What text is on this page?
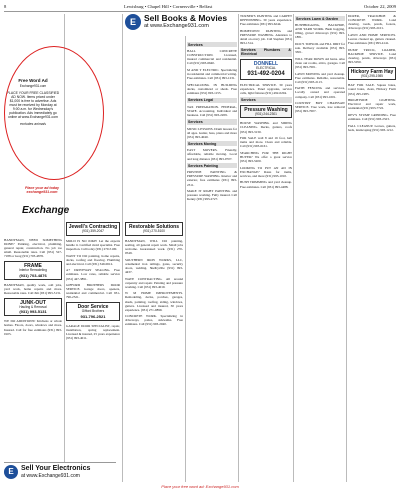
8	Lewisburg • Chapel Hill • Cornersville • Belfast	October 22, 2009

HANDYMAN, NEED SOMETHING DONE? Painting, electrical, plumbing, general repair, construction. No job too small. Reasonable rates. Call (931) 527-7188 or Greg (931) 703-4876.

FRAME
Interior Remodeling
(931) 703-4876

HANDYMAN, quality work, odd jobs, yard work, home repairs and more. Reasonable rates. Call Jim (931) 993-5131.

JUNK-OUT
Hauling & Removal
(931) 993-5131

WE DO ADDITIONS! Kitchens or whole homes. Floors, doors, windows and more. Insured. Call for free estimates (931) 993-0105.

Free Word Ad
Exchange931.com
PLACE YOUR FREE CLASSIFIED AD NOW. Items priced under $1,000 is free to advertise. Ads must be received by Monday at 9:00 a.m. for Wednesday's publication. Ads immediately go online at www.Exchange931.com
excludes animals
Place your ad today
exchange931.com
Exchange
Jewell's Contracting
(931) 359-2047

MOLD IS NO JOKE! Let the experts handle it. Certified mold specialist. Free inspection. Call today (931) 270-5100.

WANT TO DO painting, home repairs, decks, roofing and flooring. Plumbing and electrical. Call (931) 349-0612.

A+ DRIVEWAY SEALING. Free estimates. Low rates, reliable service (931) 447-3891.

GIFFORD BROTHERS DOOR SERVICE. Garage doors, openers, residential and commercial. Call 931-796-2521.

Door Service
Gifford Brothers
931-796-2521

GARAGE DOOR SPECIALIST, repair, installation, spring replacement. Licensed & insured, 25 years experience (931) 993-4011.

Restorable Solutions
(931) 270-5100

HANDYMAN, WILL DO painting, sealing, all general repair work. Small jobs welcome. Guaranteed work. (931) 270-0549.

SOUTHERN IRON WORKS, LLC, ornamental iron railings, gates, security doors, welding. Shelbyville (931) 993-4437.

WAVE CONTRACTING. All around carpentry and repair. Painting and pressure washing. Call (931) 993-4019.

W M HOME IMPROVEMENTS. Remodeling, decks, porches, garages, sheds, painting, roofing, siding, windows, gutters. Licensed and insured, 30 years experience. (931) 271-0899.

CONCRETE WORK. Specializing in driveways, patios, sidewalks. Free estimates. Call (931) 993-2040.

E Sell Books & Movies
at www.Exchange931.com
Services

HALL CONCRETE CONSTRUCTION. Licensed, insured commercial and residential. Call (931) 993-6640.

M AND T ELECTRIC. Specializing in residential and commercial wiring. Free estimates. Call (931) 993-1231.

SPECIALIZING IN BUILDING decks, customized or sheds. Free estimates (931) 993-1155.

Services Legal

TAX PREPARATION. FEDERAL, STATE. Accounting. Individual and business. Call (931) 993-2209.

Services

MUSIC LESSONS. Drum lessons for all ages. Guitar, bass, piano and more (931) 993-4040.

Services Moving

EAST MOVERS. Friendly, affordable, reliable moving. Local and long distance (931) 993-0707.

Services Painting

PRISTINE PAINTING & PRESSURE WASHING. Interior and exterior, free estimates (931) 993-2311.

MAKE IT RIGHT PAINTING and pressure washing. Fully insured. Call Kenny (931) 993-2727.

TURNER'S PAINTING and CARPET REFINISHING. 30 years experience. Free estimates (931) 993-6244.

HOMETOWN PAINTING and PRESSURE WASHING. Attention to detail on every job. Call Stephen (931) 993-1314.

Services Plumbers & Electrical
DONNELL
ELECTRICAL
931-492-0204

ELECTRICAL SERVICE. 30 years experience. Panel upgrades, service calls, light fixtures (931) 492-0204.

Services
Pressure Washing
(931) 244-2301

HOUSE WASHING and SIDING CLEANING. Decks, gutters, roofs (931) 993-3130.

FOR SALE wall 8 and 16 foot, hall items and more. Clean and reliable. Call (931) 993-6161.

SEARCHING FOR THE RIGHT BUYER? We offer a great service (931) 993-5200.

LOOKING TO PUT AN AD IN EXCHANGE? Rates for items, services, and more (931) 993-1010.

BUSH TRIMMING and yard cleanup. Free estimates. Call (931) 993-4488.

Services Lawn & Garden

BUSHHOGGING, BACKHOE, AND YARD WORK. Bush hogging, tilling, gravel driveways (931) 993-1881.

DOC'S TOPSOIL and FILL DIRT for sale. Delivery available (931) 993-3301.

WILL TEAR DOWN old barns. Also clean out rooms, attics, garages. Call (931) 993-7001.

LAWN MOWING and yard cleanup. Free estimates. Reliable, reasonable. Call (931) 993-2113.

FAITH FENCING and services. Locally owned and operated company. Call (931) 993-1001.

COUNTRY BOY CHAINSAW SERVICE. Tree work, tree removal (931) 993-7007.

DOZER, TRACKHOE & CONCRETE WORK. Land clearing, roads, ponds, footers, driveways (931) 993-2101.

LAWN AND HOME SERVICES. Leaves cleaned up, gutters cleaned. Free estimates (931) 993-4141.

DUMP TRUCK, LOADER, BACKHOE SERVICE. Land clearing, ponds, driveways (931) 993-5050.

Hickory Farm Hay
(931) 295-1985

HAY FOR SALE. Square bales, round bales, clean, Hickory Farm (931) 295-1985.

BRIGHTSIDE LIGHTING. Electrical and repair work, residential (931) 993-7722.

REV'S STUMP GRINDING. Free estimates. Call (931) 993-2323.

FALL CLEANUP. Leaves, gutters, beds, landscaping (931) 993-1212.

E	Sell Your Electronics
at www.Exchange931.com
Place your free word ad: Exchange931.com
